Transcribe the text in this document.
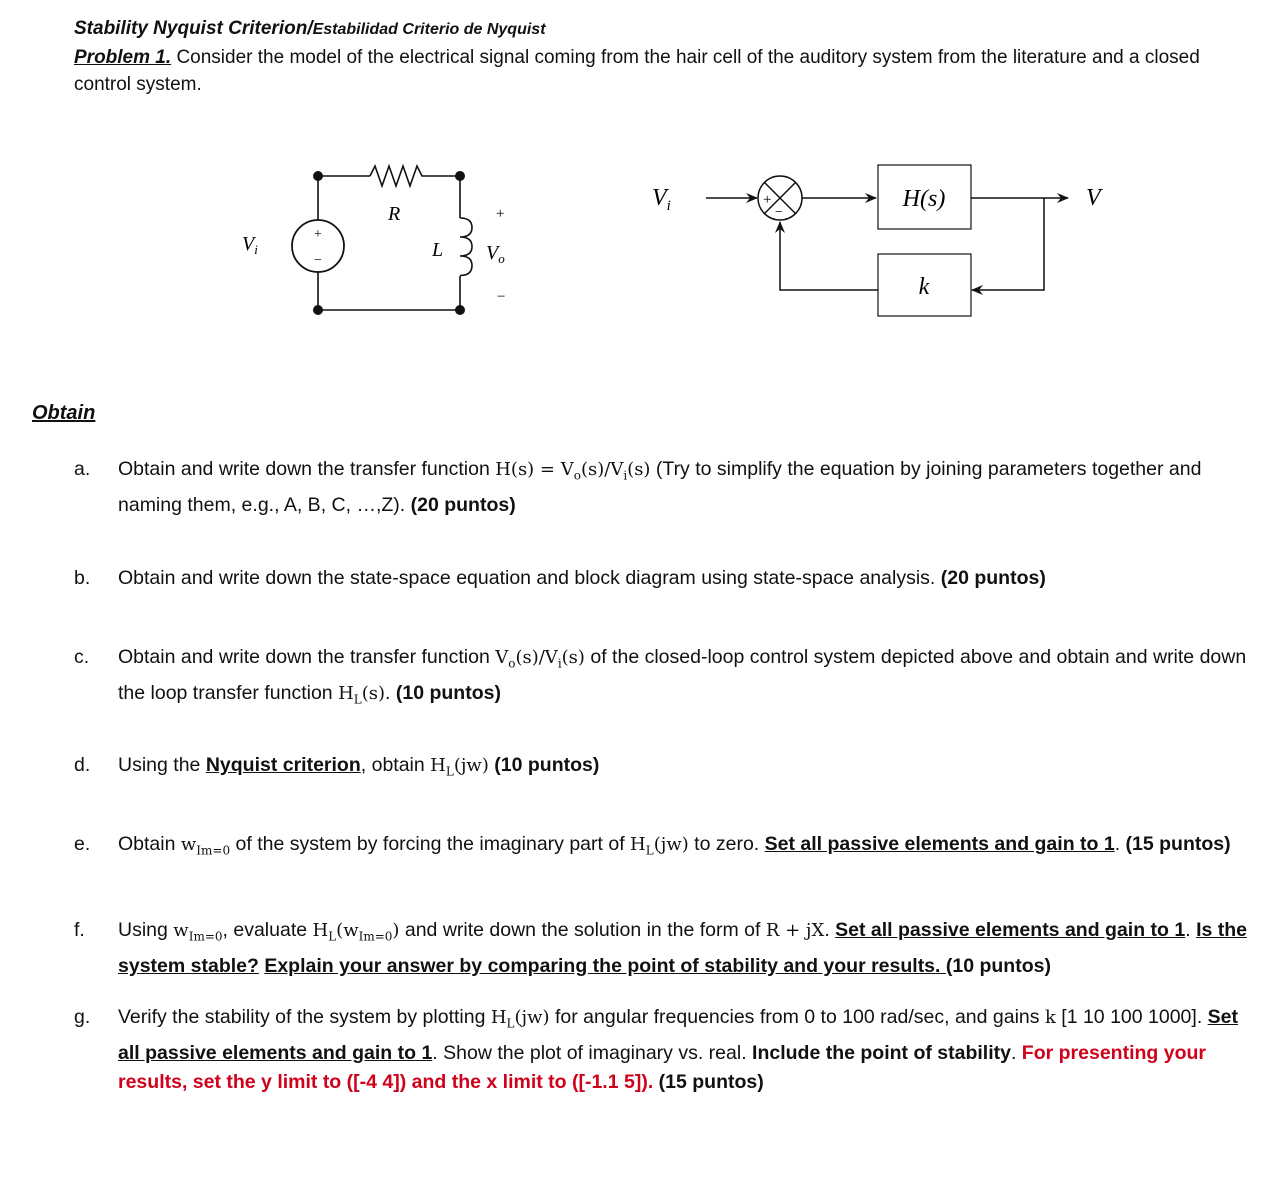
Stability Nyquist Criterion/Estabilidad Criterio de Nyquist
Problem 1. Consider the model of the electrical signal coming from the hair cell of the auditory system from the literature and a closed control system.
+
−
$V_i$
R
L
+
$V_o$
−
$V_i$	+
−
H(s)	V
k
Obtain
a.	Obtain and write down the transfer function $H(s) = V_o(s)/V_i(s)$ (Try to simplify the equation by joining parameters together and naming them, e.g., A, B, C, …,Z). (20 puntos)
b.	Obtain and write down the state-space equation and block diagram using state-space analysis. (20 puntos)
c.	Obtain and write down the transfer function $V_o(s)/V_i(s)$ of the closed-loop control system depicted above and obtain and write down the loop transfer function $H_L(s)$. (10 puntos)
d.	Using the Nyquist criterion, obtain $H_L(jw)$ (10 puntos)
e.	Obtain $w_{Im=0}$ of the system by forcing the imaginary part of $H_L(jw)$ to zero. Set all passive elements and gain to 1. (15 puntos)
f.	Using $w_{Im=0}$, evaluate $H_L(w_{Im=0})$ and write down the solution in the form of R + jX. Set all passive elements and gain to 1. Is the system stable? Explain your answer by comparing the point of stability and your results. (10 puntos)
g.	Verify the stability of the system by plotting $H_L(jw)$ for angular frequencies from 0 to 100 rad/sec, and gains k [1 10 100 1000]. Set all passive elements and gain to 1. Show the plot of imaginary vs. real. Include the point of stability. For presenting your results, set the y limit to ([-4 4]) and the x limit to ([-1.1 5]). (15 puntos)
